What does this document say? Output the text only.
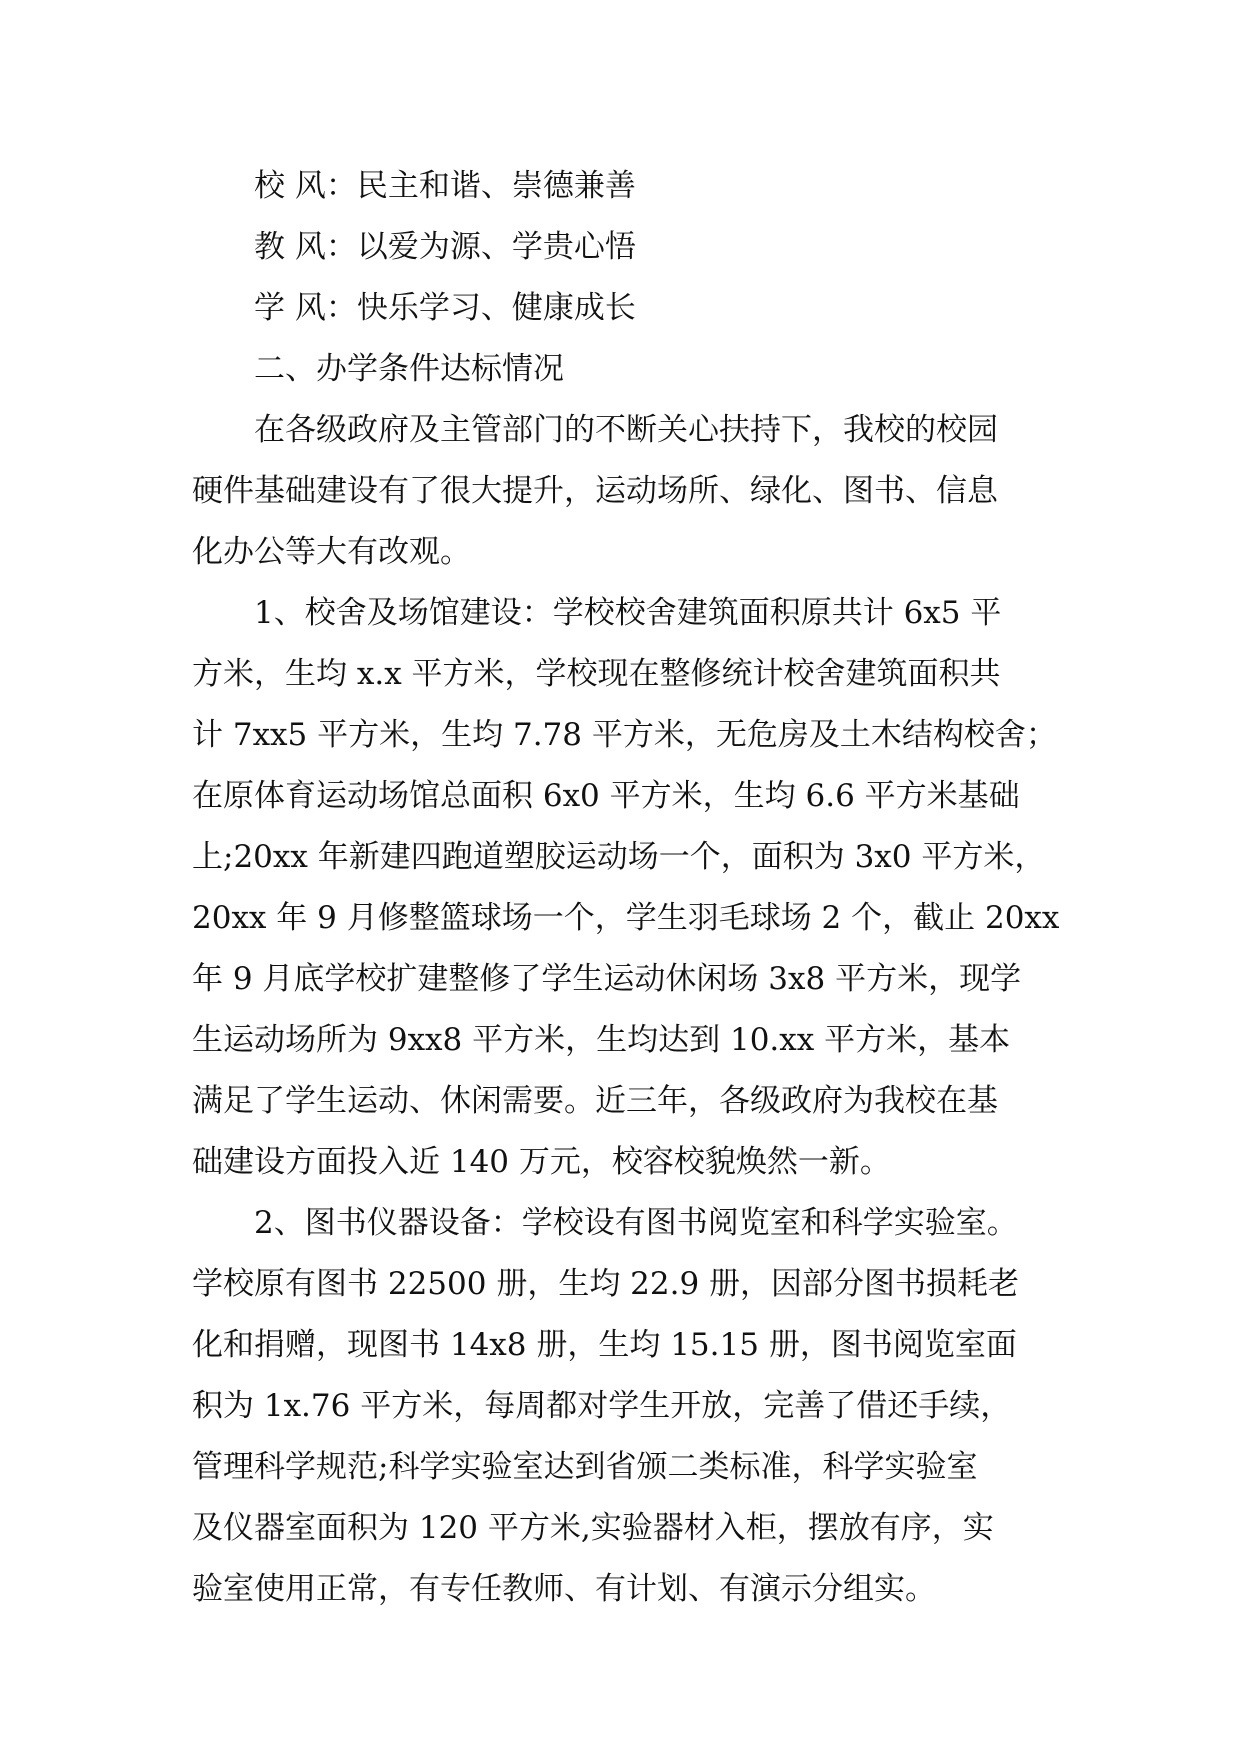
校 风：民主和谐、崇德兼善
教 风：以爱为源、学贵心悟
学 风：快乐学习、健康成长
二、办学条件达标情况
在各级政府及主管部门的不断关心扶持下，我校的校园
硬件基础建设有了很大提升，运动场所、绿化、图书、信息
化办公等大有改观。
1、校舍及场馆建设：学校校舍建筑面积原共计 6x5 平
方米，生均 x.x 平方米，学校现在整修统计校舍建筑面积共
计 7xx5 平方米，生均 7.78 平方米，无危房及土木结构校舍；
在原体育运动场馆总面积 6x0 平方米，生均 6.6 平方米基础
上;20xx 年新建四跑道塑胶运动场一个，面积为 3x0 平方米，
20xx 年 9 月修整篮球场一个，学生羽毛球场 2 个，截止 20xx
年 9 月底学校扩建整修了学生运动休闲场 3x8 平方米，现学
生运动场所为 9xx8 平方米，生均达到 10.xx 平方米，基本
满足了学生运动、休闲需要。近三年，各级政府为我校在基
础建设方面投入近 140 万元，校容校貌焕然一新。
2、图书仪器设备：学校设有图书阅览室和科学实验室。
学校原有图书 22500 册，生均 22.9 册，因部分图书损耗老
化和捐赠，现图书 14x8 册，生均 15.15 册，图书阅览室面
积为 1x.76 平方米，每周都对学生开放，完善了借还手续，
管理科学规范;科学实验室达到省颁二类标准，科学实验室
及仪器室面积为 120 平方米,实验器材入柜，摆放有序，实
验室使用正常，有专任教师、有计划、有演示分组实。
